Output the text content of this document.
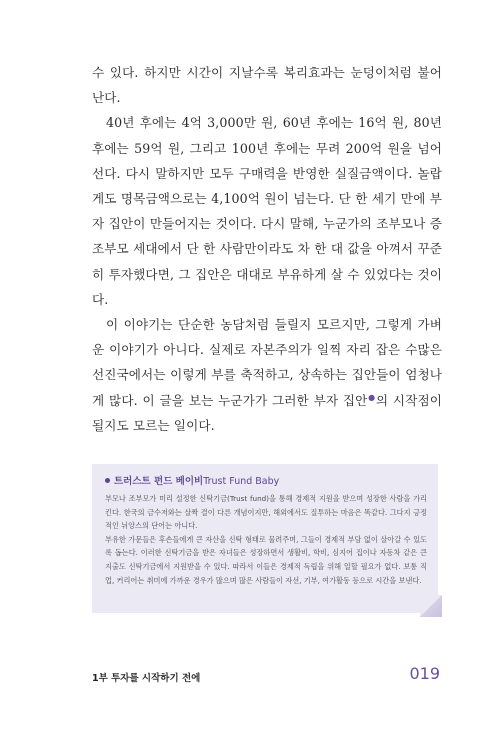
수 있다. 하지만 시간이 지날수록 복리효과는 눈덩이처럼 불어난다.

40년 후에는 4억 3,000만 원, 60년 후에는 16억 원, 80년 후에는 59억 원, 그리고 100년 후에는 무려 200억 원을 넘어선다. 다시 말하지만 모두 구매력을 반영한 실질금액이다. 놀랍게도 명목금액으로는 4,100억 원이 넘는다. 단 한 세기 만에 부자 집안이 만들어지는 것이다. 다시 말해, 누군가의 조부모나 증조부모 세대에서 단 한 사람만이라도 차 한 대 값을 아껴서 꾸준히 투자했다면, 그 집안은 대대로 부유하게 살 수 있었다는 것이다.

이 이야기는 단순한 농담처럼 들릴지 모르지만, 그렇게 가벼운 이야기가 아니다. 실제로 자본주의가 일찍 자리 잡은 수많은 선진국에서는 이렇게 부를 축적하고, 상속하는 집안들이 엄청나게 많다. 이 글을 보는 누군가가 그러한 부자 집안●의 시작점이 될지도 모르는 일이다.

트러스트 펀드 베이비Trust Fund Baby

부모나 조부모가 미리 설정한 신탁기금(Trust fund)을 통해 경제적 지원을 받으며 성장한 사람을 가리킨다. 한국의 금수저와는 살짝 결이 다른 개념이지만, 해외에서도 질투하는 마음은 똑같다. 그다지 긍정적인 뉘앙스의 단어는 아니다.

부유한 가문들은 후손들에게 큰 자산을 신탁 형태로 물려주며, 그들이 경제적 부담 없이 살아갈 수 있도록 돕는다. 이러한 신탁기금을 받은 자녀들은 성장하면서 생활비, 학비, 심지어 집이나 자동차 같은 큰 지출도 신탁기금에서 지원받을 수 있다. 따라서 이들은 경제적 독립을 위해 일할 필요가 없다. 보통 직업, 커리어는 취미에 가까운 경우가 많으며 많은 사람들이 자선, 기부, 여가활동 등으로 시간을 보낸다.

1부 투자를 시작하기 전에	019
